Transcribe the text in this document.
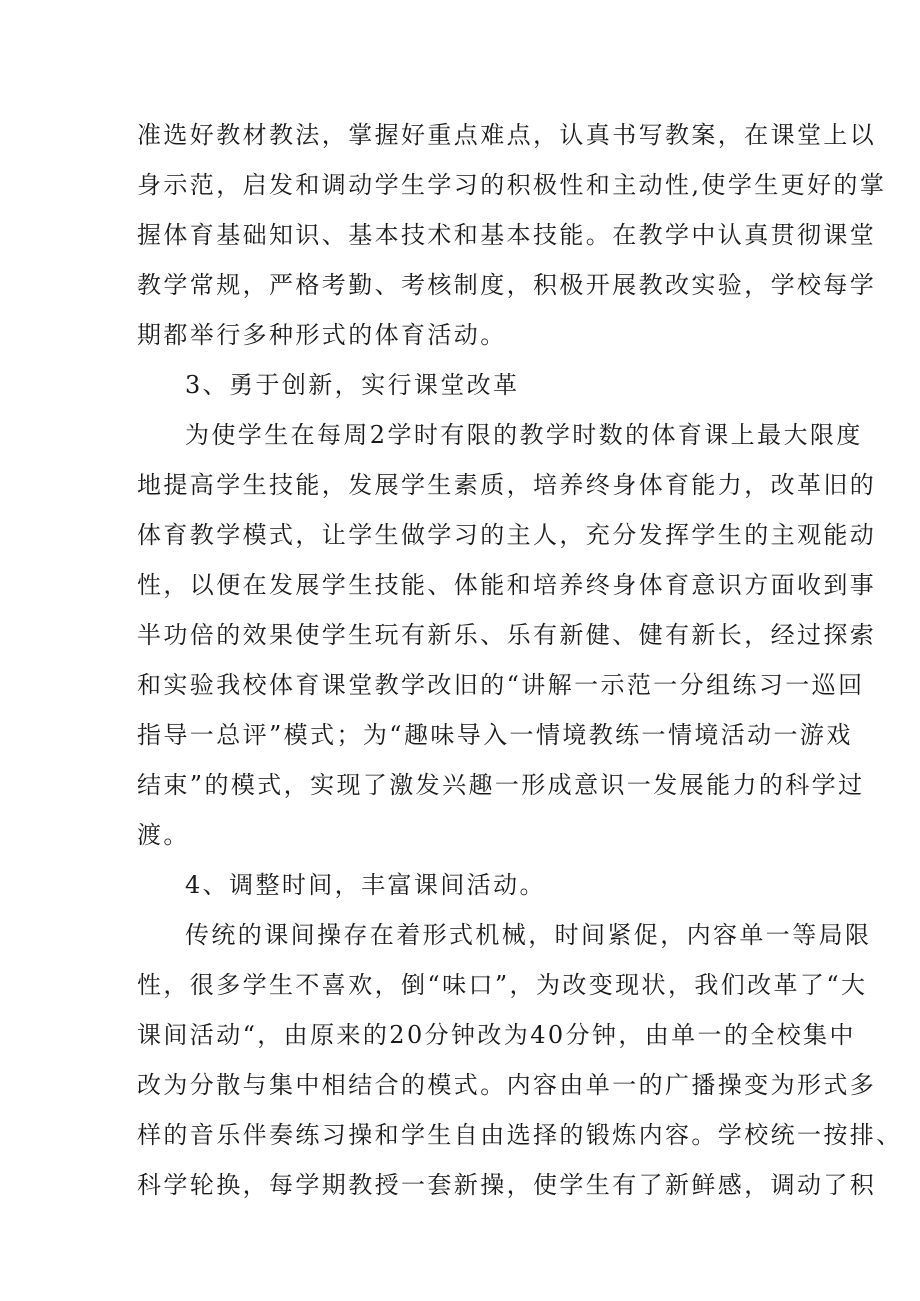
准选好教材教法，掌握好重点难点，认真书写教案，在课堂上以
身示范，启发和调动学生学习的积极性和主动性,使学生更好的掌
握体育基础知识、基本技术和基本技能。在教学中认真贯彻课堂
教学常规，严格考勤、考核制度，积极开展教改实验，学校每学
期都举行多种形式的体育活动。
3、勇于创新，实行课堂改革
为使学生在每周2学时有限的教学时数的体育课上最大限度
地提高学生技能，发展学生素质，培养终身体育能力，改革旧的
体育教学模式，让学生做学习的主人，充分发挥学生的主观能动
性，以便在发展学生技能、体能和培养终身体育意识方面收到事
半功倍的效果使学生玩有新乐、乐有新健、健有新长，经过探索
和实验我校体育课堂教学改旧的“讲解一示范一分组练习一巡回
指导一总评”模式；为“趣味导入一情境教练一情境活动一游戏
结束”的模式，实现了激发兴趣一形成意识一发展能力的科学过
渡。
4、调整时间，丰富课间活动。
传统的课间操存在着形式机械，时间紧促，内容单一等局限
性，很多学生不喜欢，倒“味口”，为改变现状，我们改革了“大
课间活动“，由原来的20分钟改为40分钟，由单一的全校集中
改为分散与集中相结合的模式。内容由单一的广播操变为形式多
样的音乐伴奏练习操和学生自由选择的锻炼内容。学校统一按排、
科学轮换，每学期教授一套新操，使学生有了新鲜感，调动了积
